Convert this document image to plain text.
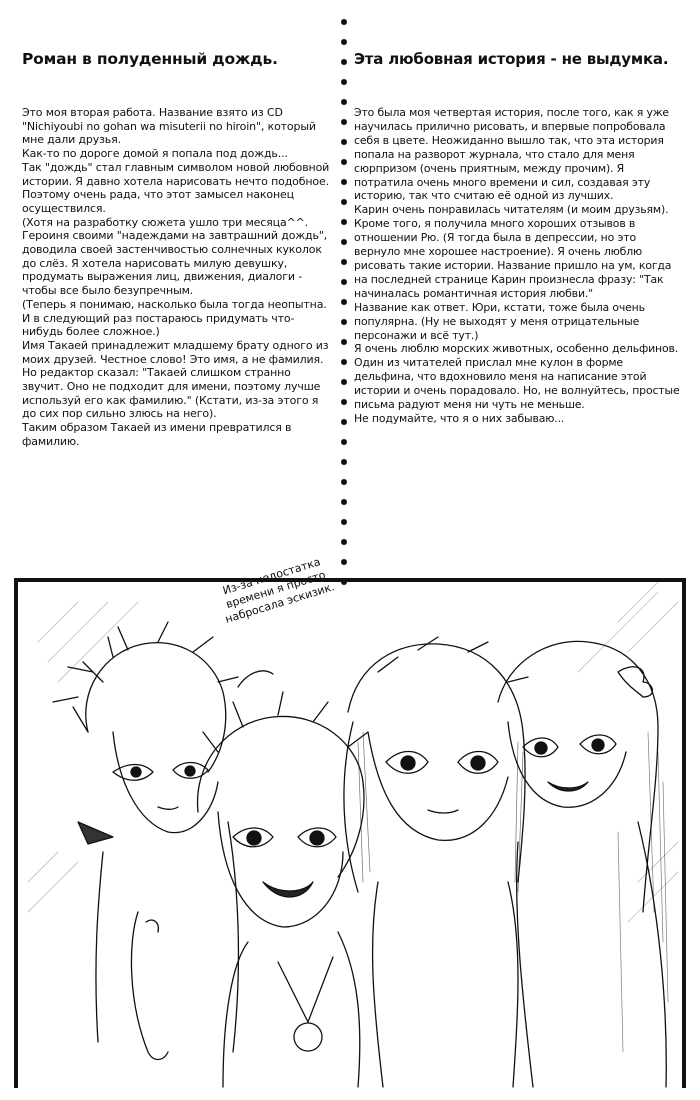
Роман в полуденный дождь.

Это моя вторая работа. Название взято из CD "Nichiyoubi no gohan wa misuterii no hiroin", который мне дали друзья.
Как-то по дороге домой я попала под дождь...
Так "дождь" стал главным символом новой любовной истории. Я давно хотела нарисовать нечто подобное. Поэтому очень рада, что этот замысел наконец осуществился.
(Хотя на разработку сюжета ушло три месяца^^. Героиня своими "надеждами на завтрашний дождь", доводила своей застенчивостью солнечных куколок до слёз. Я хотела нарисовать милую девушку, продумать выражения лиц, движения, диалоги - чтобы все было безупречным.
(Теперь я понимаю, насколько была тогда неопытна. И в следующий раз постараюсь придумать что-нибудь более сложное.)
Имя Такаей принадлежит младшему брату одного из моих друзей. Честное слово! Это имя, а не фамилия. Но редактор сказал: "Такаей слишком странно звучит. Оно не подходит для имени, поэтому лучше используй его как фамилию." (Кстати, из-за этого я до сих пор сильно злюсь на него).
Таким образом Такаей из имени превратился в фамилию.

Эта любовная история - не выдумка.

Это была моя четвертая история, после того, как я уже научилась прилично рисовать, и впервые попробовала себя в цвете. Неожиданно вышло так, что эта история попала на разворот журнала, что стало для меня сюрпризом (очень приятным, между прочим). Я потратила очень много времени и сил, создавая эту историю, так что считаю её одной из лучших.
Карин очень понравилась читателям (и моим друзьям). Кроме того, я получила много хороших отзывов в отношении Рю. (Я тогда была в депрессии, но это вернуло мне хорошее настроение). Я очень люблю рисовать такие истории. Название пришло на ум, когда на последней странице Карин произнесла фразу: "Так начиналась романтичная история любви."
Название как ответ. Юри, кстати, тоже была очень популярна. (Ну не выходят у меня отрицательные персонажи и всё тут.)
Я очень люблю морских животных, особенно дельфинов. Один из читателей прислал мне кулон в форме дельфина, что вдохновило меня на написание этой истории и очень порадовало. Но, не волнуйтесь, простые письма радуют меня ни чуть не меньше.
Не подумайте, что я о них забываю...

Из-за недостатка времени я просто набросала эскизик.
